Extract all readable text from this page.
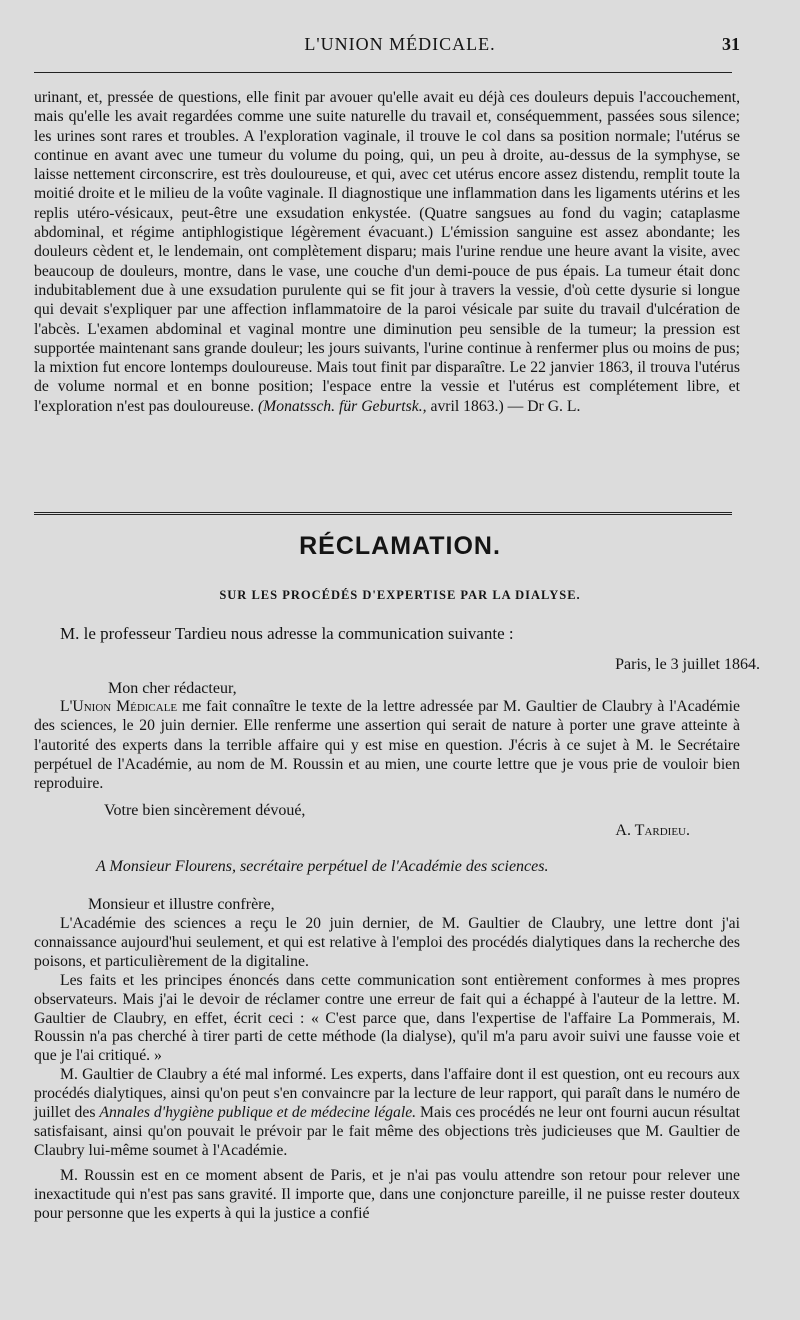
L'UNION MÉDICALE.	31

urinant, et, pressée de questions, elle finit par avouer qu'elle avait eu déjà ces douleurs depuis l'accouchement, mais qu'elle les avait regardées comme une suite naturelle du travail et, conséquemment, passées sous silence; les urines sont rares et troubles. A l'exploration vaginale, il trouve le col dans sa position normale; l'utérus se continue en avant avec une tumeur du volume du poing, qui, un peu à droite, au-dessus de la symphyse, se laisse nettement circonscrire, est très douloureuse, et qui, avec cet utérus encore assez distendu, remplit toute la moitié droite et le milieu de la voûte vaginale. Il diagnostique une inflammation dans les ligaments utérins et les replis utéro-vésicaux, peut-être une exsudation enkystée. (Quatre sangsues au fond du vagin; cataplasme abdominal, et régime antiphlogistique légèrement évacuant.) L'émission sanguine est assez abondante; les douleurs cèdent et, le lendemain, ont complètement disparu; mais l'urine rendue une heure avant la visite, avec beaucoup de douleurs, montre, dans le vase, une couche d'un demi-pouce de pus épais. La tumeur était donc indubitablement due à une exsudation purulente qui se fit jour à travers la vessie, d'où cette dysurie si longue qui devait s'expliquer par une affection inflammatoire de la paroi vésicale par suite du travail d'ulcération de l'abcès. L'examen abdominal et vaginal montre une diminution peu sensible de la tumeur; la pression est supportée maintenant sans grande douleur; les jours suivants, l'urine continue à renfermer plus ou moins de pus; la mixtion fut encore lontemps douloureuse. Mais tout finit par disparaître. Le 22 janvier 1863, il trouva l'utérus de volume normal et en bonne position; l'espace entre la vessie et l'utérus est complétement libre, et l'exploration n'est pas douloureuse. (Monatssch. für Geburtsk., avril 1863.) — Dr G. L.

RÉCLAMATION.
SUR LES PROCÉDÉS D'EXPERTISE PAR LA DIALYSE.
M. le professeur Tardieu nous adresse la communication suivante :
Paris, le 3 juillet 1864.
Mon cher rédacteur,

L'Union Médicale me fait connaître le texte de la lettre adressée par M. Gaultier de Claubry à l'Académie des sciences, le 20 juin dernier. Elle renferme une assertion qui serait de nature à porter une grave atteinte à l'autorité des experts dans la terrible affaire qui y est mise en question. J'écris à ce sujet à M. le Secrétaire perpétuel de l'Académie, au nom de M. Roussin et au mien, une courte lettre que je vous prie de vouloir bien reproduire.

Votre bien sincèrement dévoué,
A. Tardieu.
A Monsieur Flourens, secrétaire perpétuel de l'Académie des sciences.
Monsieur et illustre confrère,

L'Académie des sciences a reçu le 20 juin dernier, de M. Gaultier de Claubry, une lettre dont j'ai connaissance aujourd'hui seulement, et qui est relative à l'emploi des procédés dialytiques dans la recherche des poisons, et particulièrement de la digitaline.

Les faits et les principes énoncés dans cette communication sont entièrement conformes à mes propres observateurs. Mais j'ai le devoir de réclamer contre une erreur de fait qui a échappé à l'auteur de la lettre. M. Gaultier de Claubry, en effet, écrit ceci : « C'est parce que, dans l'expertise de l'affaire La Pommerais, M. Roussin n'a pas cherché à tirer parti de cette méthode (la dialyse), qu'il m'a paru avoir suivi une fausse voie et que je l'ai critiqué. »

M. Gaultier de Claubry a été mal informé. Les experts, dans l'affaire dont il est question, ont eu recours aux procédés dialytiques, ainsi qu'on peut s'en convaincre par la lecture de leur rapport, qui paraît dans le numéro de juillet des Annales d'hygiène publique et de médecine légale. Mais ces procédés ne leur ont fourni aucun résultat satisfaisant, ainsi qu'on pouvait le prévoir par le fait même des objections très judicieuses que M. Gaultier de Claubry lui-même soumet à l'Académie.

M. Roussin est en ce moment absent de Paris, et je n'ai pas voulu attendre son retour pour relever une inexactitude qui n'est pas sans gravité. Il importe que, dans une conjoncture pareille, il ne puisse rester douteux pour personne que les experts à qui la justice a confié
